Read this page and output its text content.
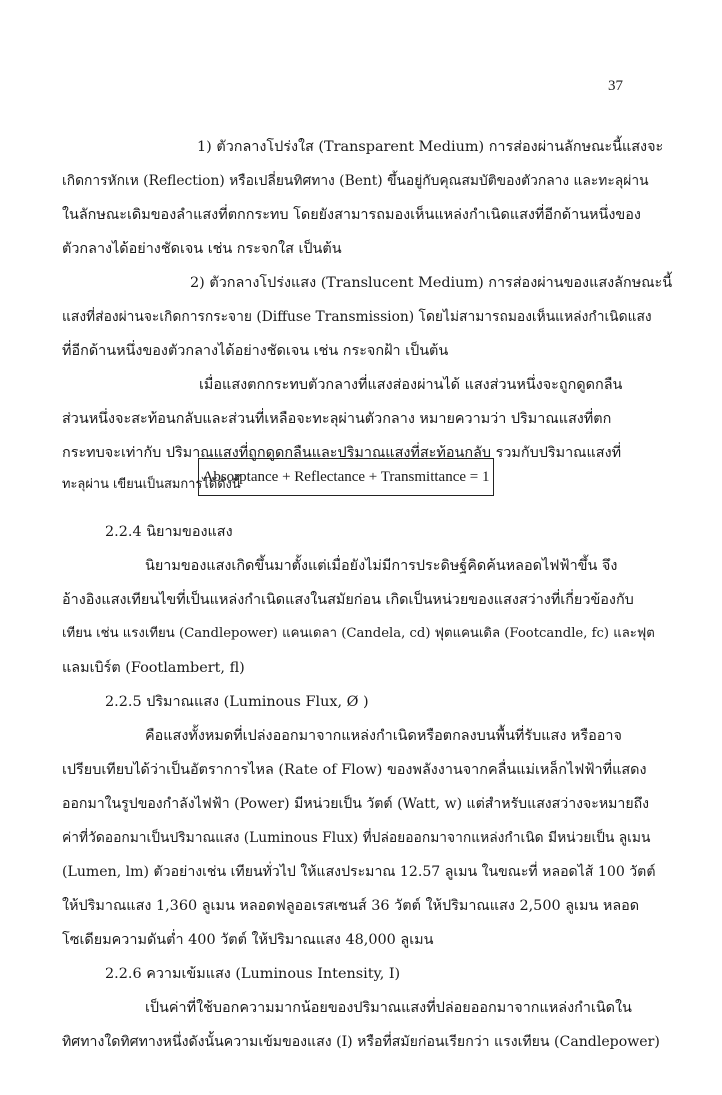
37
1) ตัวกลางโปร่งใส (Transparent Medium) การส่องผ่านลักษณะนี้แสงจะ
เกิดการหักเห (Reflection) หรือเปลี่ยนทิศทาง (Bent) ขึ้นอยู่กับคุณสมบัติของตัวกลาง และทะลุผ่าน
ในลักษณะเดิมของลำแสงที่ตกกระทบ โดยยังสามารถมองเห็นแหล่งกำเนิดแสงที่อีกด้านหนึ่งของ
ตัวกลางได้อย่างชัดเจน เช่น กระจกใส เป็นต้น
2) ตัวกลางโปร่งแสง (Translucent Medium) การส่องผ่านของแสงลักษณะนี้
แสงที่ส่องผ่านจะเกิดการกระจาย (Diffuse Transmission) โดยไม่สามารถมองเห็นแหล่งกำเนิดแสง
ที่อีกด้านหนึ่งของตัวกลางได้อย่างชัดเจน เช่น กระจกฝ้า เป็นต้น
เมื่อแสงตกกระทบตัวกลางที่แสงส่องผ่านได้ แสงส่วนหนึ่งจะถูกดูดกลืน
ส่วนหนึ่งจะสะท้อนกลับและส่วนที่เหลือจะทะลุผ่านตัวกลาง หมายความว่า ปริมาณแสงที่ตก
กระทบจะเท่ากับ ปริมาณแสงที่ถูกดูดกลืนและปริมาณแสงที่สะท้อนกลับ รวมกับปริมาณแสงที่
ทะลุผ่าน เขียนเป็นสมการได้ดังนี้
Absorptance + Reflectance + Transmittance = 1
2.2.4 นิยามของแสง
นิยามของแสงเกิดขึ้นมาตั้งแต่เมื่อยังไม่มีการประดิษฐ์คิดค้นหลอดไฟฟ้าขึ้น จึง
อ้างอิงแสงเทียนไขที่เป็นแหล่งกำเนิดแสงในสมัยก่อน เกิดเป็นหน่วยของแสงสว่างที่เกี่ยวข้องกับ
เทียน เช่น แรงเทียน (Candlepower) แคนเดลา (Candela, cd) ฟุตแคนเดิล (Footcandle, fc) และฟุต
แลมเบิร์ต (Footlambert, fl)
2.2.5 ปริมาณแสง (Luminous Flux, Ø )
คือแสงทั้งหมดที่เปล่งออกมาจากแหล่งกำเนิดหรือตกลงบนพื้นที่รับแสง หรืออาจ
เปรียบเทียบได้ว่าเป็นอัตราการไหล (Rate of Flow) ของพลังงานจากคลื่นแม่เหล็กไฟฟ้าที่แสดง
ออกมาในรูปของกำลังไฟฟ้า (Power) มีหน่วยเป็น วัตต์ (Watt, w) แต่สำหรับแสงสว่างจะหมายถึง
ค่าที่วัดออกมาเป็นปริมาณแสง (Luminous Flux) ที่ปล่อยออกมาจากแหล่งกำเนิด มีหน่วยเป็น ลูเมน
(Lumen, lm) ตัวอย่างเช่น เทียนทั่วไป ให้แสงประมาณ 12.57 ลูเมน ในขณะที่ หลอดไส้ 100 วัตต์
ให้ปริมาณแสง 1,360 ลูเมน หลอดฟลูออเรสเซนส์ 36 วัตต์ ให้ปริมาณแสง 2,500 ลูเมน หลอด
โซเดียมความดันต่ำ 400 วัตต์ ให้ปริมาณแสง 48,000 ลูเมน
2.2.6 ความเข้มแสง (Luminous Intensity, I)
เป็นค่าที่ใช้บอกความมากน้อยของปริมาณแสงที่ปล่อยออกมาจากแหล่งกำเนิดใน
ทิศทางใดทิศทางหนึ่งดังนั้นความเข้มของแสง (I) หรือที่สมัยก่อนเรียกว่า แรงเทียน (Candlepower)
